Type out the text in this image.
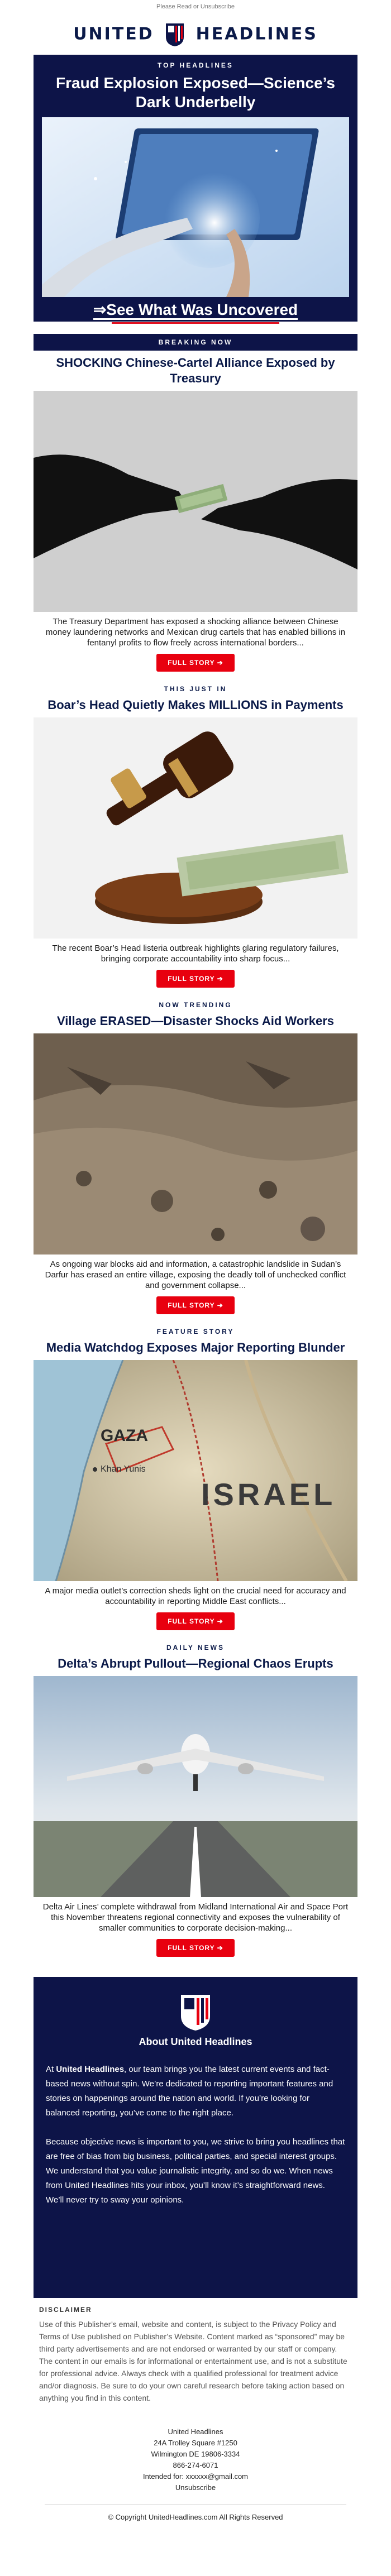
Please Read or Unsubscribe
UNITED HEADLINES
TOP HEADLINES
Fraud Explosion Exposed—Science’s Dark Underbelly
⇒See What Was Uncovered
BREAKING NOW
SHOCKING Chinese-Cartel Alliance Exposed by Treasury

The Treasury Department has exposed a shocking alliance between Chinese money laundering networks and Mexican drug cartels that has enabled billions in fentanyl profits to flow freely across international borders...

FULL STORY ➔
THIS JUST IN
Boar’s Head Quietly Makes MILLIONS in Payments

The recent Boar’s Head listeria outbreak highlights glaring regulatory failures, bringing corporate accountability into sharp focus...

FULL STORY ➔
NOW TRENDING
Village ERASED—Disaster Shocks Aid Workers

As ongoing war blocks aid and information, a catastrophic landslide in Sudan’s Darfur has erased an entire village, exposing the deadly toll of unchecked conflict and government collapse...

FULL STORY ➔
FEATURE STORY
Media Watchdog Exposes Major Reporting Blunder
GAZA
ISRAEL
Khan Yunis

A major media outlet’s correction sheds light on the crucial need for accuracy and accountability in reporting Middle East conflicts...

FULL STORY ➔
DAILY NEWS
Delta’s Abrupt Pullout—Regional Chaos Erupts

Delta Air Lines’ complete withdrawal from Midland International Air and Space Port this November threatens regional connectivity and exposes the vulnerability of smaller communities to corporate decision-making...

FULL STORY ➔
About United Headlines

At United Headlines, our team brings you the latest current events and fact-based news without spin. We’re dedicated to reporting important features and stories on happenings around the nation and world. If you’re looking for balanced reporting, you’ve come to the right place.

Because objective news is important to you, we strive to bring you headlines that are free of bias from big business, political parties, and special interest groups. We understand that you value journalistic integrity, and so do we. When news from United Headlines hits your inbox, you’ll know it’s straightforward news. We’ll never try to sway your opinions.

DISCLAIMER

Use of this Publisher’s email, website and content, is subject to the Privacy Policy and Terms of Use published on Publisher’s Website. Content marked as “sponsored” may be third party advertisements and are not endorsed or warranted by our staff or company. The content in our emails is for informational or entertainment use, and is not a substitute for professional advice. Always check with a qualified professional for treatment advice and/or diagnosis. Be sure to do your own careful research before taking action based on anything you find in this content.

United Headlines
24A Trolley Square #1250
Wilmington DE 19806-3334
866-274-6071
Intended for: xxxxxx@gmail.com
Unsubscribe
© Copyright UnitedHeadlines.com All Rights Reserved
